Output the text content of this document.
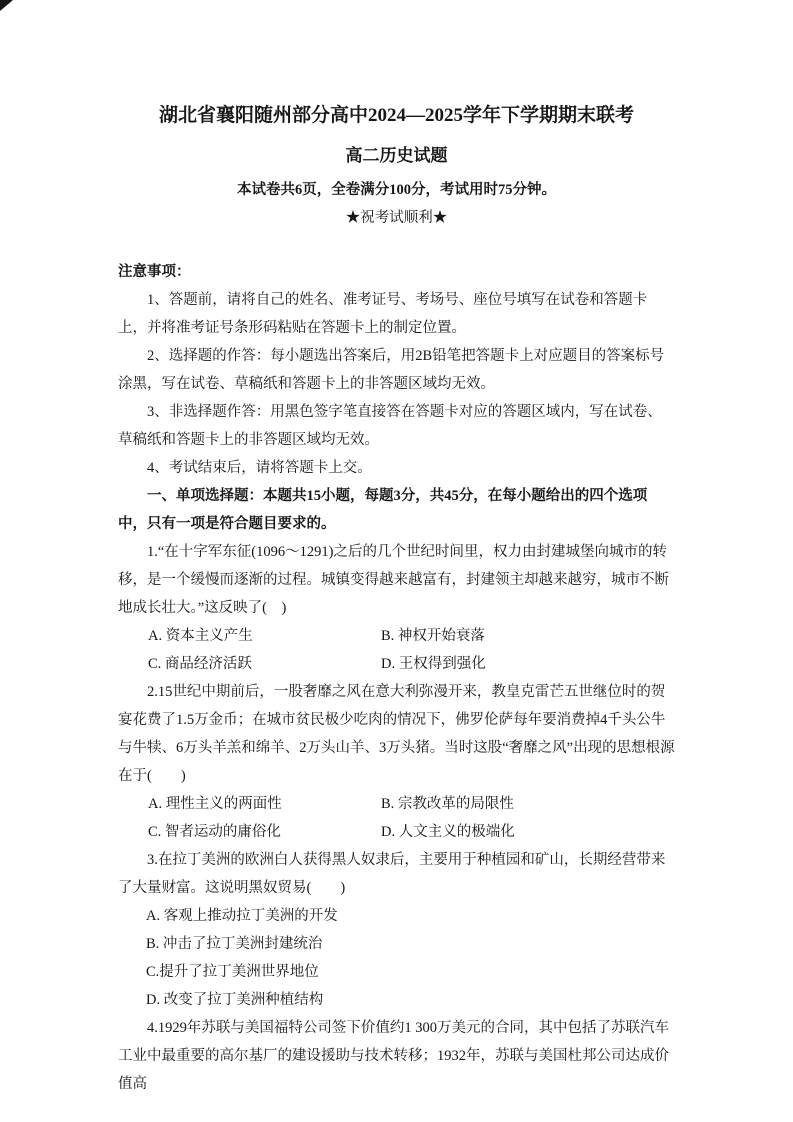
湖北省襄阳随州部分高中2024—2025学年下学期期末联考
高二历史试题
本试卷共6页，全卷满分100分，考试用时75分钟。
★祝考试顺利★
注意事项：
1、答题前，请将自己的姓名、准考证号、考场号、座位号填写在试卷和答题卡上，并将准考证号条形码粘贴在答题卡上的制定位置。
2、选择题的作答：每小题选出答案后，用2B铅笔把答题卡上对应题目的答案标号涂黑，写在试卷、草稿纸和答题卡上的非答题区域均无效。
3、非选择题作答：用黑色签字笔直接答在答题卡对应的答题区域内，写在试卷、草稿纸和答题卡上的非答题区域均无效。
4、考试结束后，请将答题卡上交。
一、单项选择题：本题共15小题，每题3分，共45分，在每小题给出的四个选项中，只有一项是符合题目要求的。
1.“在十字军东征(1096～1291)之后的几个世纪时间里，权力由封建城堡向城市的转移，是一个缓慢而逐渐的过程。城镇变得越来越富有，封建领主却越来越穷，城市不断地成长壮大。”这反映了(　)
A. 资本主义产生	B. 神权开始衰落
C. 商品经济活跃	D. 王权得到强化
2.15世纪中期前后，一股奢靡之风在意大利弥漫开来，教皇克雷芒五世继位时的贺宴花费了1.5万金币；在城市贫民极少吃肉的情况下，佛罗伦萨每年要消费掉4千头公牛与牛犊、6万头羊羔和绵羊、2万头山羊、3万头猪。当时这股“奢靡之风”出现的思想根源在于(　　)
A. 理性主义的两面性	B. 宗教改革的局限性
C. 智者运动的庸俗化	D. 人文主义的极端化
3.在拉丁美洲的欧洲白人获得黑人奴隶后，主要用于种植园和矿山，长期经营带来了大量财富。这说明黑奴贸易(　　)
A. 客观上推动拉丁美洲的开发
B. 冲击了拉丁美洲封建统治
C.提升了拉丁美洲世界地位
D. 改变了拉丁美洲种植结构
4.1929年苏联与美国福特公司签下价值约1 300万美元的合同，其中包括了苏联汽车工业中最重要的高尔基厂的建设援助与技术转移；1932年，苏联与美国杜邦公司达成价值高
